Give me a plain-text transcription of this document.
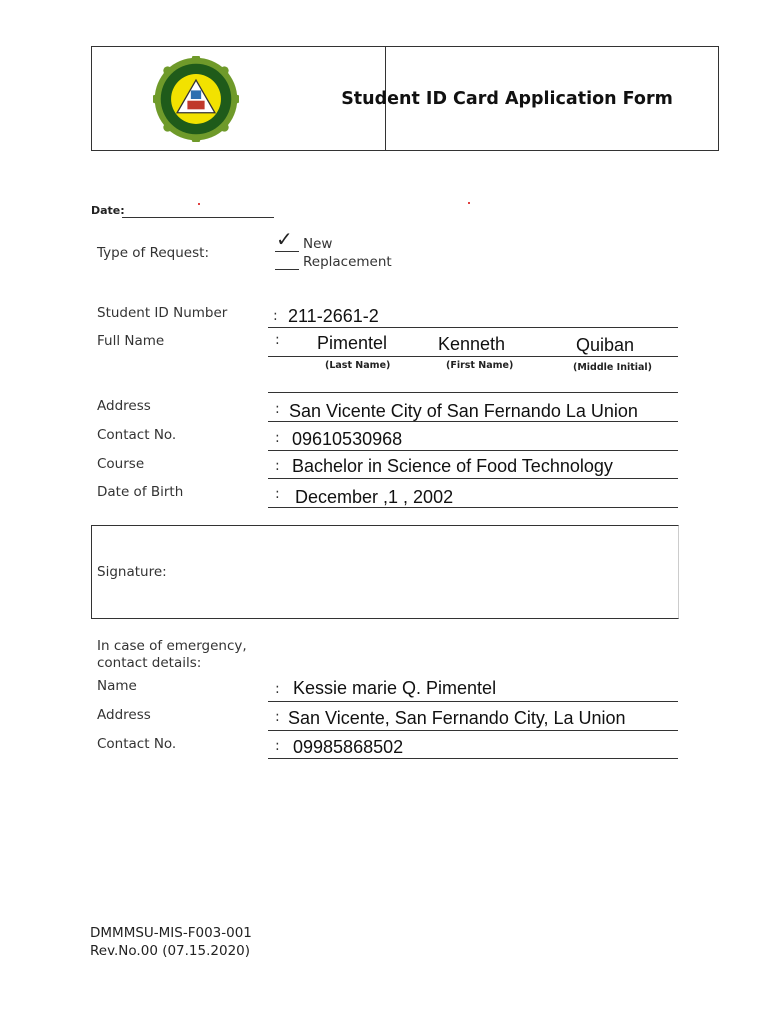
Student ID Card Application Form
Date:
Type of Request:
✓ New
Replacement
Student ID Number	: 211-2661-2
Full Name	: Pimentel	Kenneth	Quiban
(Last Name)	(First Name)	(Middle Initial)
Address	: San Vicente City of San Fernando La Union
Contact No.	: 09610530968
Course	: Bachelor in Science of Food Technology
Date of Birth	: December ,1 , 2002
Signature:
In case of emergency,
contact details:
Name	: Kessie marie Q. Pimentel
Address	: San Vicente, San Fernando City, La Union
Contact No.	: 09985868502
DMMMSU-MIS-F003-001
Rev.No.00 (07.15.2020)
